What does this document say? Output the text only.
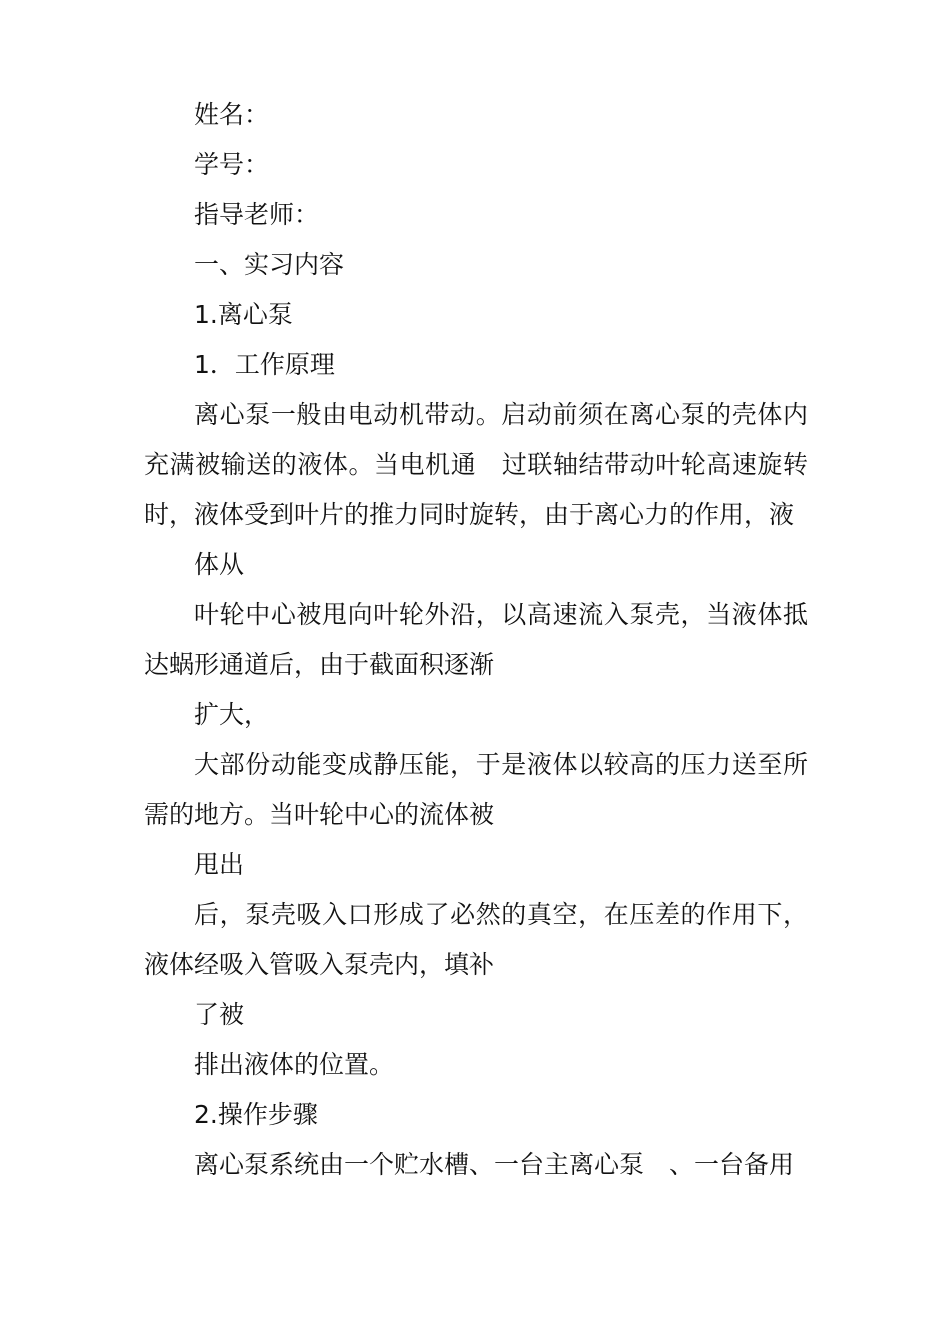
姓名：

学号：

指导老师：

一、实习内容

1.离心泵

1．工作原理

离心泵一般由电动机带动。启动前须在离心泵的壳体内充满被输送的液体。当电机通　过联轴结带动叶轮高速旋转时，液体受到叶片的推力同时旋转，由于离心力的作用，液

体从

叶轮中心被甩向叶轮外沿，以高速流入泵壳，当液体抵达蜗形通道后，由于截面积逐渐

扩大，

大部份动能变成静压能，于是液体以较高的压力送至所需的地方。当叶轮中心的流体被

甩出

后，泵壳吸入口形成了必然的真空，在压差的作用下，液体经吸入管吸入泵壳内，填补

了被

排出液体的位置。

2.操作步骤

离心泵系统由一个贮水槽、一台主离心泵　、一台备用
